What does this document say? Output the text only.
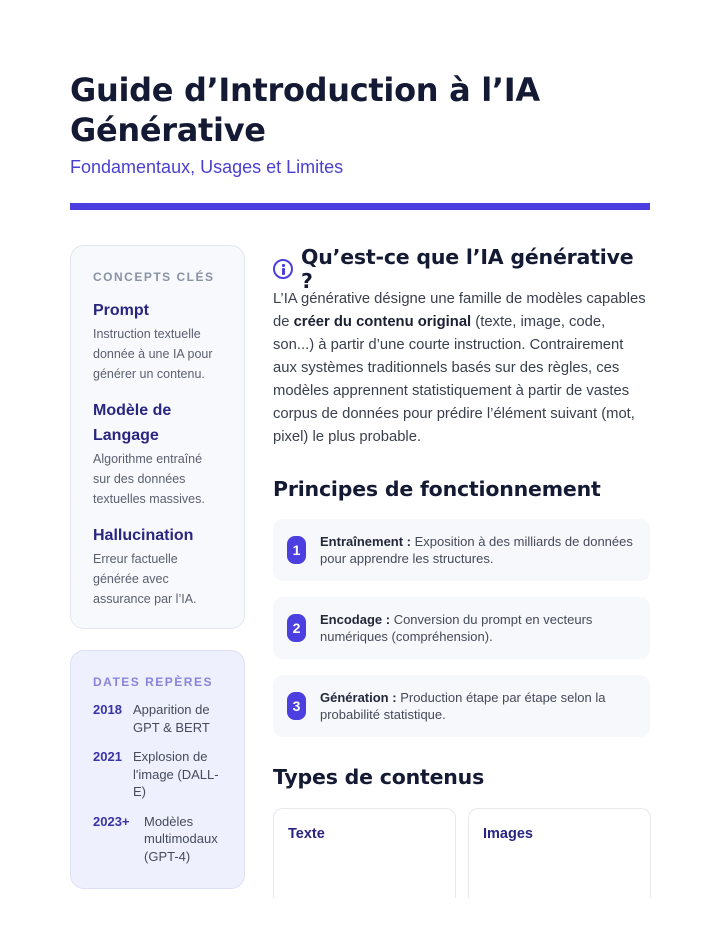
Guide d’Introduction à l’IA Générative
Fondamentaux, Usages et Limites
CONCEPTS CLÉS
Prompt
Instruction textuelle donnée à une IA pour générer un contenu.
Modèle de Langage
Algorithme entraîné sur des données textuelles massives.
Hallucination
Erreur factuelle générée avec assurance par l’IA.
DATES REPÈRES
2018 Apparition de GPT & BERT
2021 Explosion de l'image (DALL-E)
2023+	Modèles multimodaux (GPT-4)
Qu’est-ce que l’IA générative ?

L’IA générative désigne une famille de modèles capables de créer du contenu original (texte, image, code, son...) à partir d’une courte instruction. Contrairement aux systèmes traditionnels basés sur des règles, ces modèles apprennent statistiquement à partir de vastes corpus de données pour prédire l’élément suivant (mot, pixel) le plus probable.

Principes de fonctionnement
1
Entraînement : Exposition à des milliards de données pour apprendre les structures.
2
Encodage : Conversion du prompt en vecteurs numériques (compréhension).
3
Génération : Production étape par étape selon la probabilité statistique.
Types de contenus
Texte	Images
